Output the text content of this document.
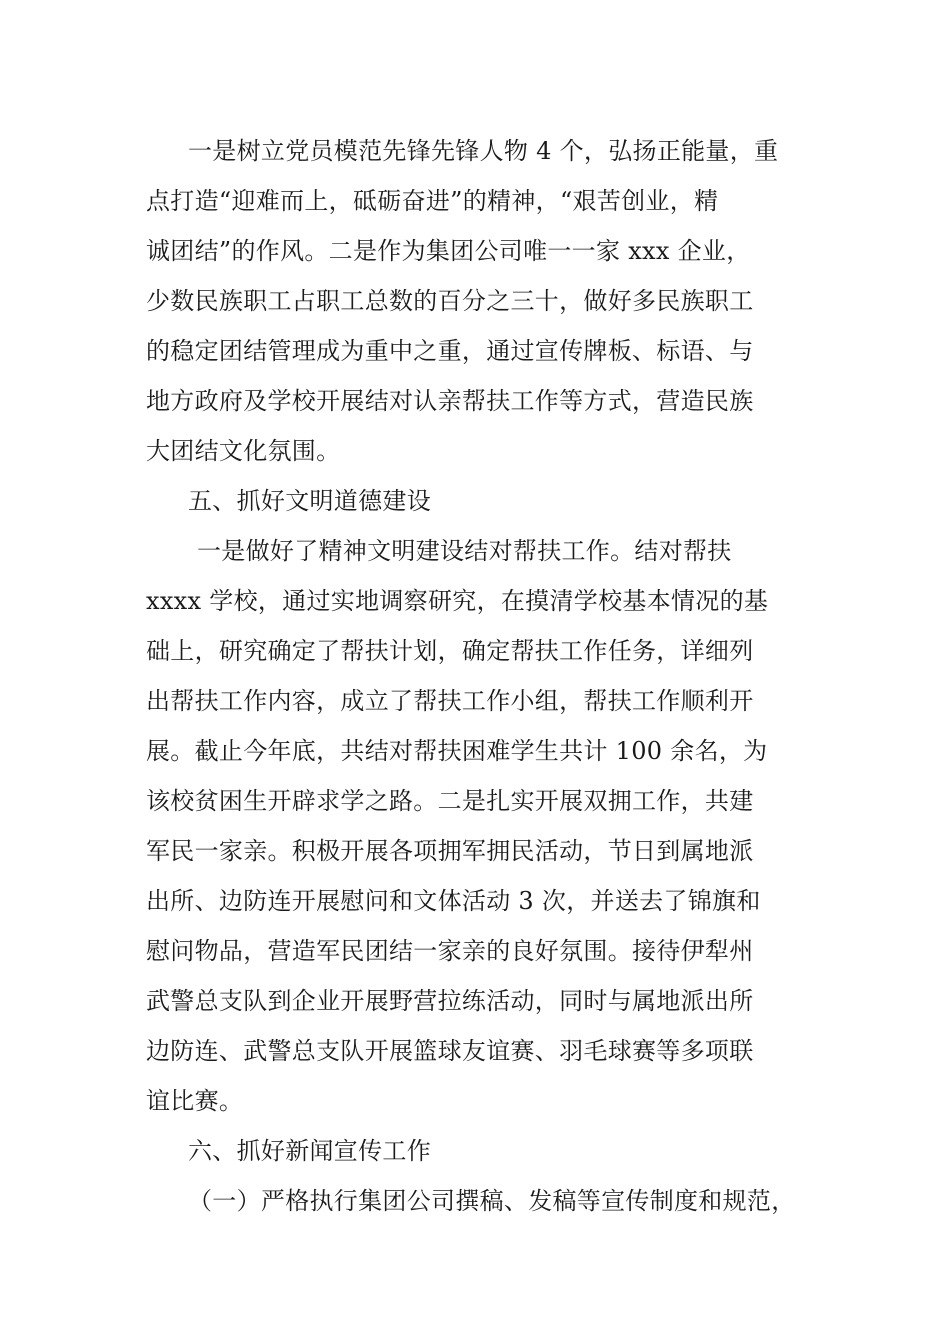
一是树立党员模范先锋先锋人物 4 个，弘扬正能量，重
点打造“迎难而上，砥砺奋进”的精神，“艰苦创业，精
诚团结”的作风。二是作为集团公司唯一一家 xxx 企业，
少数民族职工占职工总数的百分之三十，做好多民族职工
的稳定团结管理成为重中之重，通过宣传牌板、标语、与
地方政府及学校开展结对认亲帮扶工作等方式，营造民族
大团结文化氛围。
五、抓好文明道德建设
一是做好了精神文明建设结对帮扶工作。结对帮扶
xxxx 学校，通过实地调察研究，在摸清学校基本情况的基
础上，研究确定了帮扶计划，确定帮扶工作任务，详细列
出帮扶工作内容，成立了帮扶工作小组，帮扶工作顺利开
展。截止今年底，共结对帮扶困难学生共计 100 余名，为
该校贫困生开辟求学之路。二是扎实开展双拥工作，共建
军民一家亲。积极开展各项拥军拥民活动，节日到属地派
出所、边防连开展慰问和文体活动 3 次，并送去了锦旗和
慰问物品，营造军民团结一家亲的良好氛围。接待伊犁州
武警总支队到企业开展野营拉练活动，同时与属地派出所
边防连、武警总支队开展篮球友谊赛、羽毛球赛等多项联
谊比赛。
六、抓好新闻宣传工作
（一）严格执行集团公司撰稿、发稿等宣传制度和规范，
